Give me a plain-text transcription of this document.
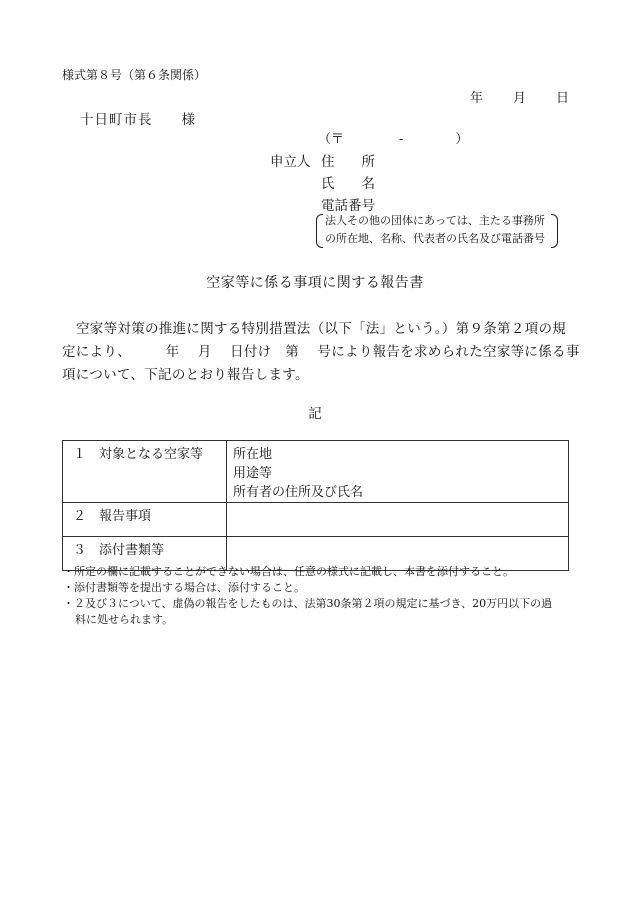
様式第８号（第６条関係）
年 月 日
十日町市長　　様
（〒	-	）
申立人 住　　所
氏　　名
電話番号
法人その他の団体にあっては、主たる事務所
の所在地、名称、代表者の氏名及び電話番号
空家等に係る事項に関する報告書

空家等対策の推進に関する特別措置法（以下「法」という。）第９条第２項の規

定により、　　　年　 月　 日付け　第　 号により報告を求められた空家等に係る事

項について、下記のとおり報告します。

記
１ 対象となる空家等	所在地
用途等
所有者の住所及び氏名

２ 報告事項	

３ 添付書類等	
・所定の欄に記載することができない場合は、任意の様式に記載し、本書を添付すること。
・添付書類等を提出する場合は、添付すること。
・２及び３について、虚偽の報告をしたものは、法第30条第２項の規定に基づき、20万円以下の過
料に処せられます。
